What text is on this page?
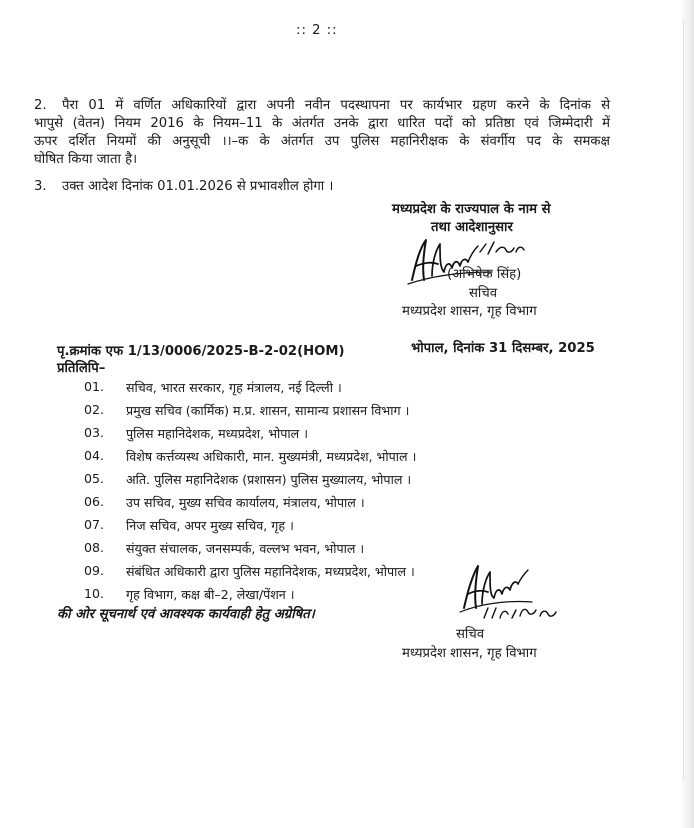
:: 2 ::
2. पैरा 01 में वर्णित अधिकारियों द्वारा अपनी नवीन पदस्थापना पर कार्यभार ग्रहण करने के दिनांक से
भापुसे (वेतन) नियम 2016 के नियम–11 के अंतर्गत उनके द्वारा धारित पदों को प्रतिष्ठा एवं जिम्मेदारी में
ऊपर दर्शित नियमों की अनुसूची ।।–क के अंतर्गत उप पुलिस महानिरीक्षक के संवर्गीय पद के समकक्ष
घोषित किया जाता है।
3. उक्त आदेश दिनांक 01.01.2026 से प्रभावशील होगा ।
मध्यप्रदेश के राज्यपाल के नाम से
तथा आदेशानुसार
(अभिषेक सिंह)
सचिव
मध्यप्रदेश शासन, गृह विभाग
पृ.क्रमांक एफ 1/13/0006/2025-B-2-02(HOM)	भोपाल, दिनांक 31 दिसम्बर, 2025
प्रतिलिपि–
01. सचिव, भारत सरकार, गृह मंत्रालय, नई दिल्ली ।
02. प्रमुख सचिव (कार्मिक) म.प्र. शासन, सामान्य प्रशासन विभाग ।
03. पुलिस महानिदेशक, मध्यप्रदेश, भोपाल ।
04. विशेष कर्त्तव्यस्थ अधिकारी, मान. मुख्यमंत्री, मध्यप्रदेश, भोपाल ।
05. अति. पुलिस महानिदेशक (प्रशासन) पुलिस मुख्यालय, भोपाल ।
06. उप सचिव, मुख्य सचिव कार्यालय, मंत्रालय, भोपाल ।
07. निज सचिव, अपर मुख्य सचिव, गृह ।
08. संयुक्त संचालक, जनसम्पर्क, वल्लभ भवन, भोपाल ।
09. संबंधित अधिकारी द्वारा पुलिस महानिदेशक, मध्यप्रदेश, भोपाल ।
10. गृह विभाग, कक्ष बी–2, लेखा/पेंशन ।
की ओर सूचनार्थ एवं आवश्यक कार्यवाही हेतु अग्रेषित।
सचिव
मध्यप्रदेश शासन, गृह विभाग
